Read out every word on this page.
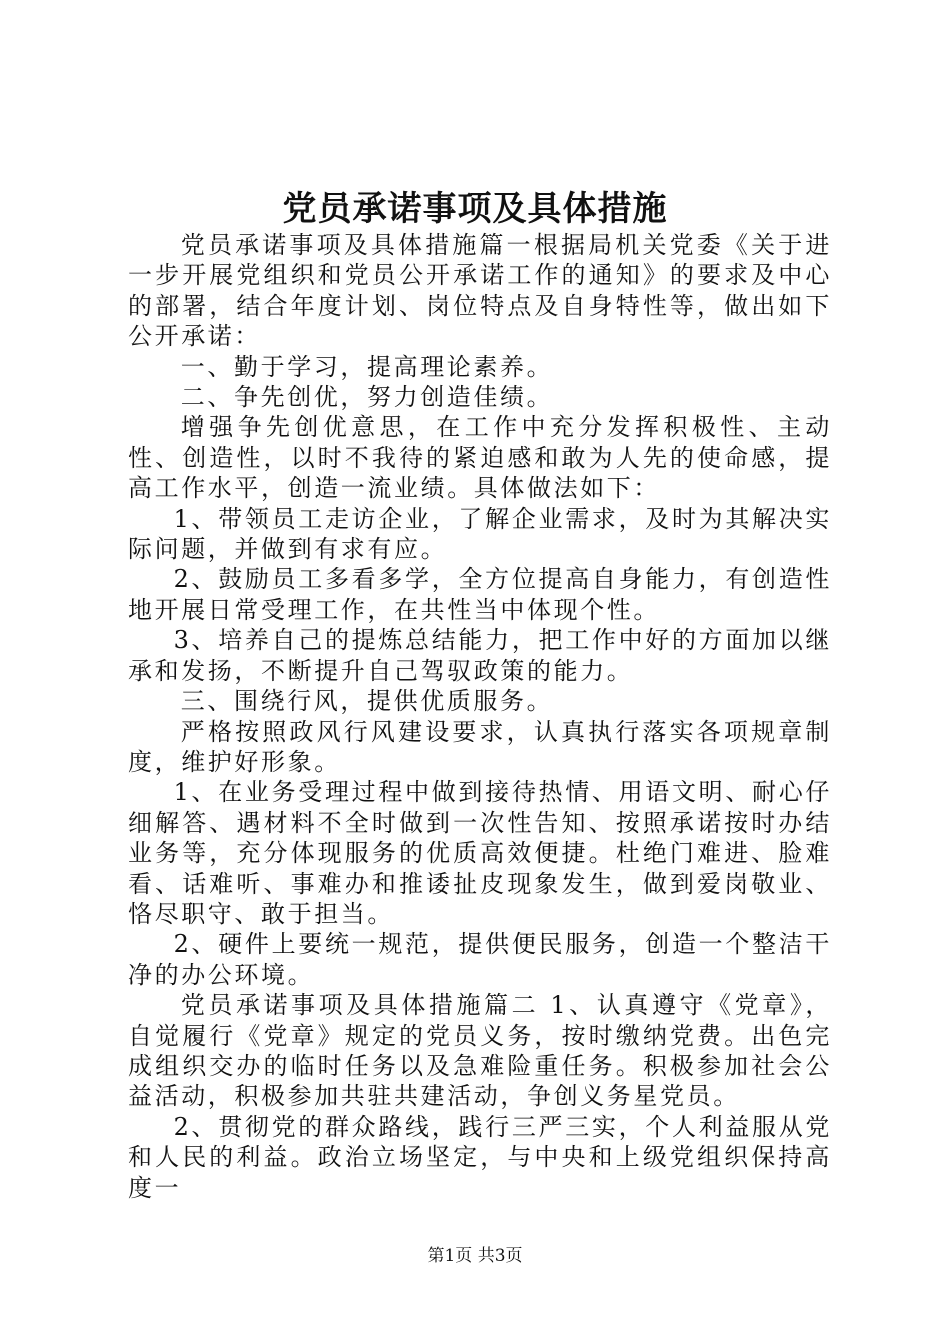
党员承诺事项及具体措施

党员承诺事项及具体措施篇一根据局机关党委《关于进一步开展党组织和党员公开承诺工作的通知》的要求及中心的部署，结合年度计划、岗位特点及自身特性等，做出如下公开承诺：

一、勤于学习，提高理论素养。

二、争先创优，努力创造佳绩。

增强争先创优意思，在工作中充分发挥积极性、主动性、创造性，以时不我待的紧迫感和敢为人先的使命感，提高工作水平，创造一流业绩。具体做法如下：

1、带领员工走访企业，了解企业需求，及时为其解决实际问题，并做到有求有应。

2、鼓励员工多看多学，全方位提高自身能力，有创造性地开展日常受理工作，在共性当中体现个性。

3、培养自己的提炼总结能力，把工作中好的方面加以继承和发扬，不断提升自己驾驭政策的能力。

三、围绕行风，提供优质服务。

严格按照政风行风建设要求，认真执行落实各项规章制度，维护好形象。

1、在业务受理过程中做到接待热情、用语文明、耐心仔细解答、遇材料不全时做到一次性告知、按照承诺按时办结业务等，充分体现服务的优质高效便捷。杜绝门难进、脸难看、话难听、事难办和推诿扯皮现象发生，做到爱岗敬业、恪尽职守、敢于担当。

2、硬件上要统一规范，提供便民服务，创造一个整洁干净的办公环境。

党员承诺事项及具体措施篇二 1、认真遵守《党章》，自觉履行《党章》规定的党员义务，按时缴纳党费。出色完成组织交办的临时任务以及急难险重任务。积极参加社会公益活动，积极参加共驻共建活动，争创义务星党员。

2、贯彻党的群众路线，践行三严三实，个人利益服从党和人民的利益。政治立场坚定，与中央和上级党组织保持高度一

第1页 共3页
